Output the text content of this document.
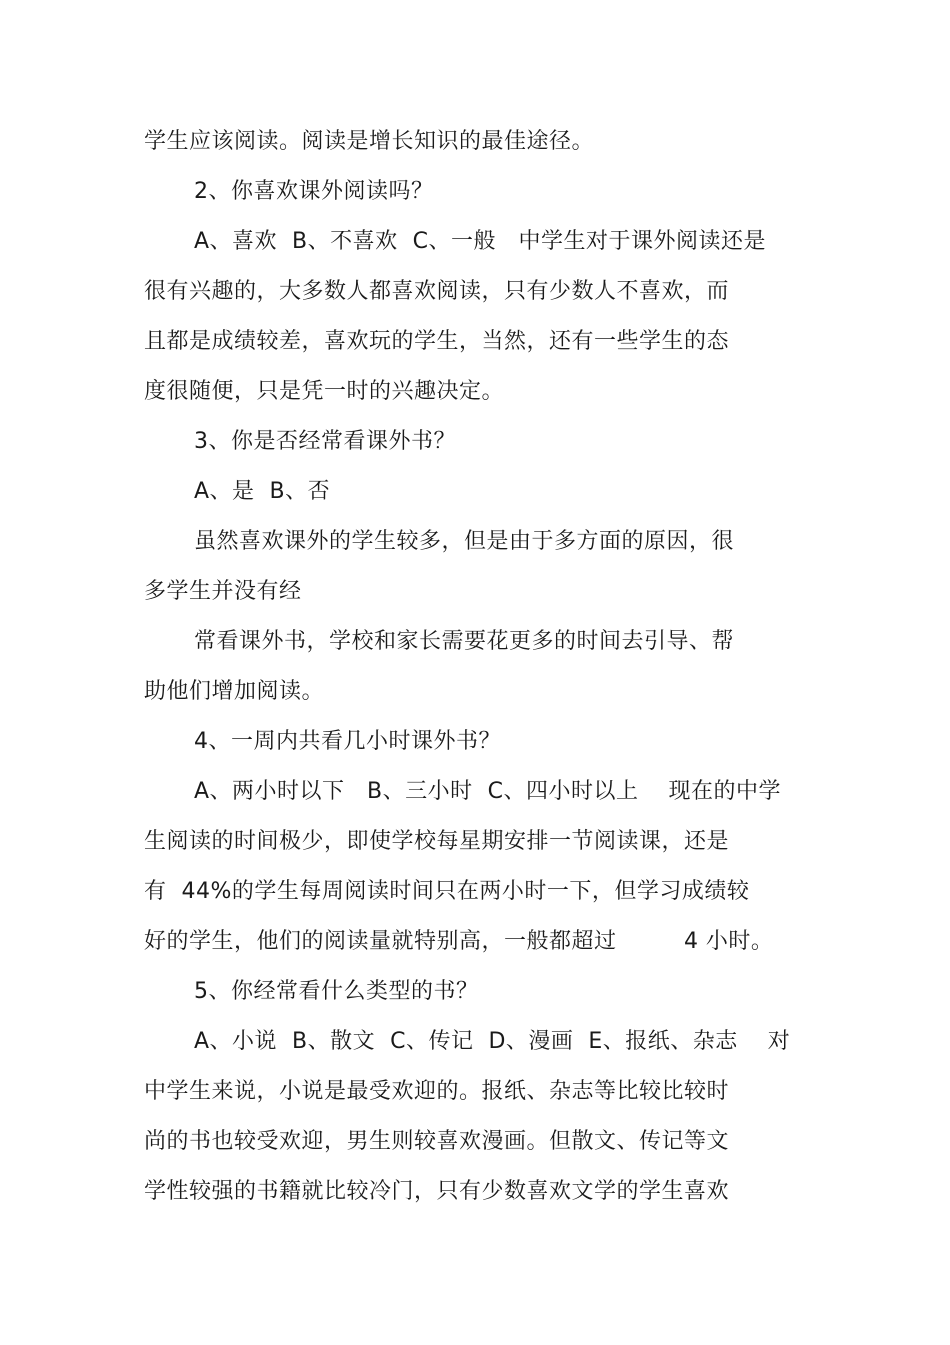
学生应该阅读。阅读是增长知识的最佳途径。
2、你喜欢课外阅读吗？
A、喜欢  B、不喜欢  C、一般   中学生对于课外阅读还是
很有兴趣的，大多数人都喜欢阅读，只有少数人不喜欢，而
且都是成绩较差，喜欢玩的学生，当然，还有一些学生的态
度很随便，只是凭一时的兴趣决定。
3、你是否经常看课外书？
A、是  B、否
虽然喜欢课外的学生较多，但是由于多方面的原因，很
多学生并没有经
常看课外书，学校和家长需要花更多的时间去引导、帮
助他们增加阅读。
4、一周内共看几小时课外书？
A、两小时以下   B、三小时  C、四小时以上    现在的中学
生阅读的时间极少，即使学校每星期安排一节阅读课，还是
有  44%的学生每周阅读时间只在两小时一下，但学习成绩较
好的学生，他们的阅读量就特别高，一般都超过         4 小时。
5、你经常看什么类型的书？
A、小说  B、散文  C、传记  D、漫画  E、报纸、杂志    对
中学生来说，小说是最受欢迎的。报纸、杂志等比较比较时
尚的书也较受欢迎，男生则较喜欢漫画。但散文、传记等文
学性较强的书籍就比较冷门，只有少数喜欢文学的学生喜欢
